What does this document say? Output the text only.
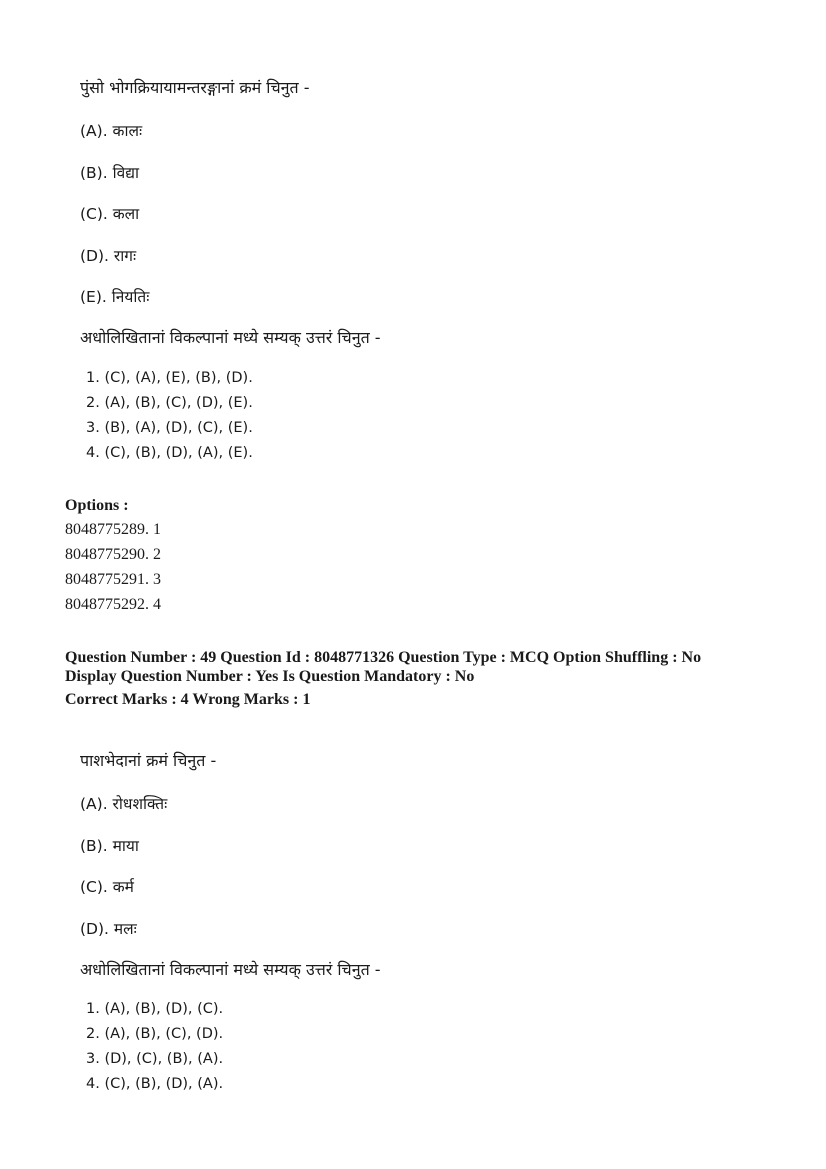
पुंसो भोगक्रियायामन्तरङ्गानां क्रमं चिनुत -
(A). कालः
(B). विद्या
(C). कला
(D). रागः
(E). नियतिः
अधोलिखितानां विकल्पानां मध्ये सम्यक् उत्तरं चिनुत -
1. (C), (A), (E), (B), (D).
2. (A), (B), (C), (D), (E).
3. (B), (A), (D), (C), (E).
4. (C), (B), (D), (A), (E).
Options :
8048775289. 1
8048775290. 2
8048775291. 3
8048775292. 4
Question Number : 49 Question Id : 8048771326 Question Type : MCQ Option Shuffling : No
Display Question Number : Yes Is Question Mandatory : No
Correct Marks : 4 Wrong Marks : 1
पाशभेदानां क्रमं चिनुत -
(A). रोधशक्तिः
(B). माया
(C). कर्म
(D). मलः
अधोलिखितानां विकल्पानां मध्ये सम्यक् उत्तरं चिनुत -
1. (A), (B), (D), (C).
2. (A), (B), (C), (D).
3. (D), (C), (B), (A).
4. (C), (B), (D), (A).
